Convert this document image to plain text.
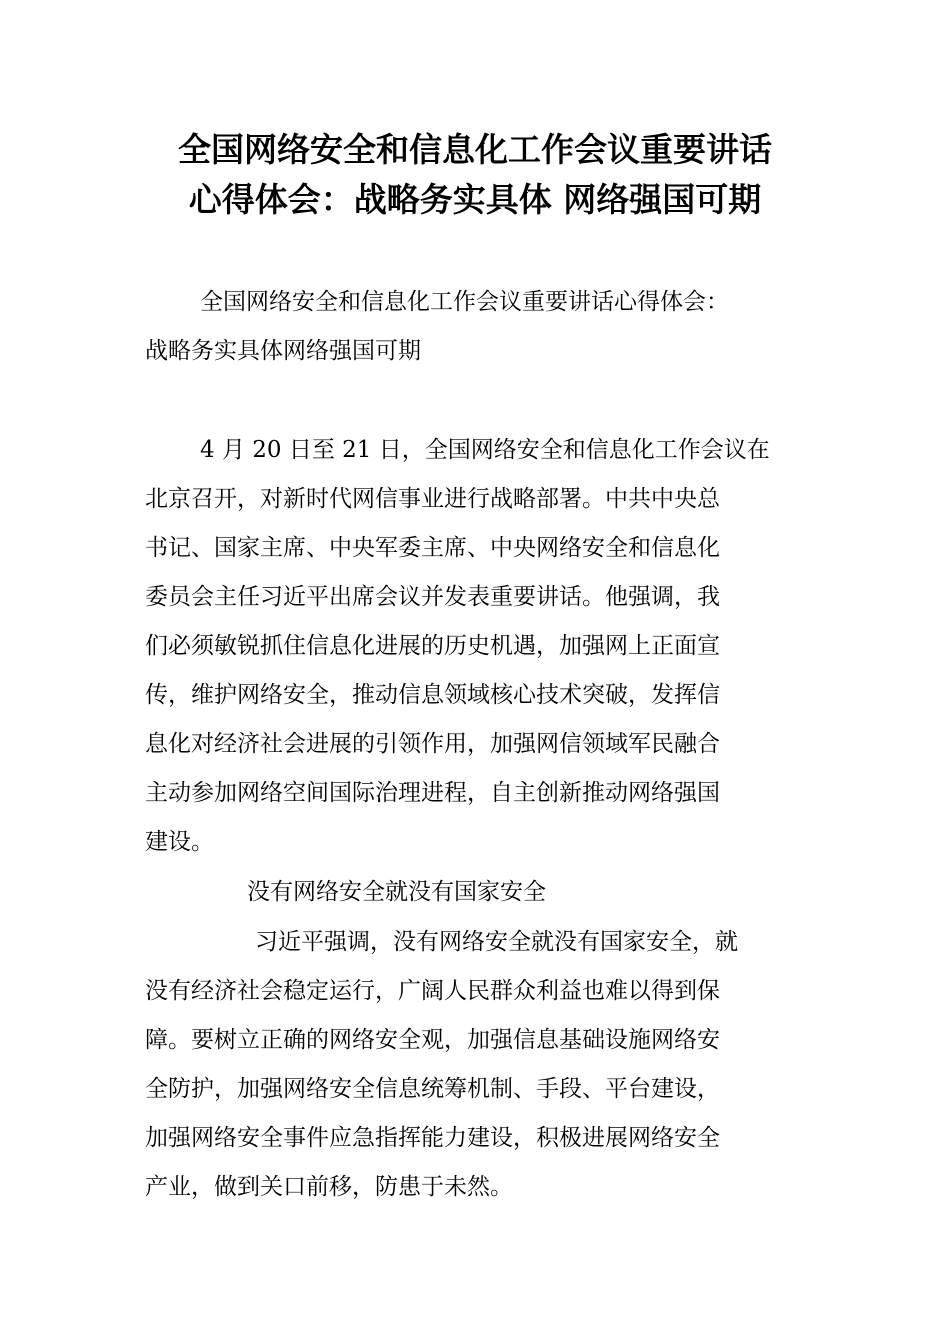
全国网络安全和信息化工作会议重要讲话
心得体会：战略务实具体 网络强国可期

全国网络安全和信息化工作会议重要讲话心得体会：
战略务实具体网络强国可期

4 月 20 日至 21 日，全国网络安全和信息化工作会议在
北京召开，对新时代网信事业进行战略部署。中共中央总
书记、国家主席、中央军委主席、中央网络安全和信息化
委员会主任习近平出席会议并发表重要讲话。他强调，我
们必须敏锐抓住信息化进展的历史机遇，加强网上正面宣
传，维护网络安全，推动信息领域核心技术突破，发挥信
息化对经济社会进展的引领作用，加强网信领域军民融合
主动参加网络空间国际治理进程，自主创新推动网络强国
建设。

没有网络安全就没有国家安全

习近平强调，没有网络安全就没有国家安全，就
没有经济社会稳定运行，广阔人民群众利益也难以得到保
障。要树立正确的网络安全观，加强信息基础设施网络安
全防护，加强网络安全信息统筹机制、手段、平台建设，
加强网络安全事件应急指挥能力建设，积极进展网络安全
产业，做到关口前移，防患于未然。
